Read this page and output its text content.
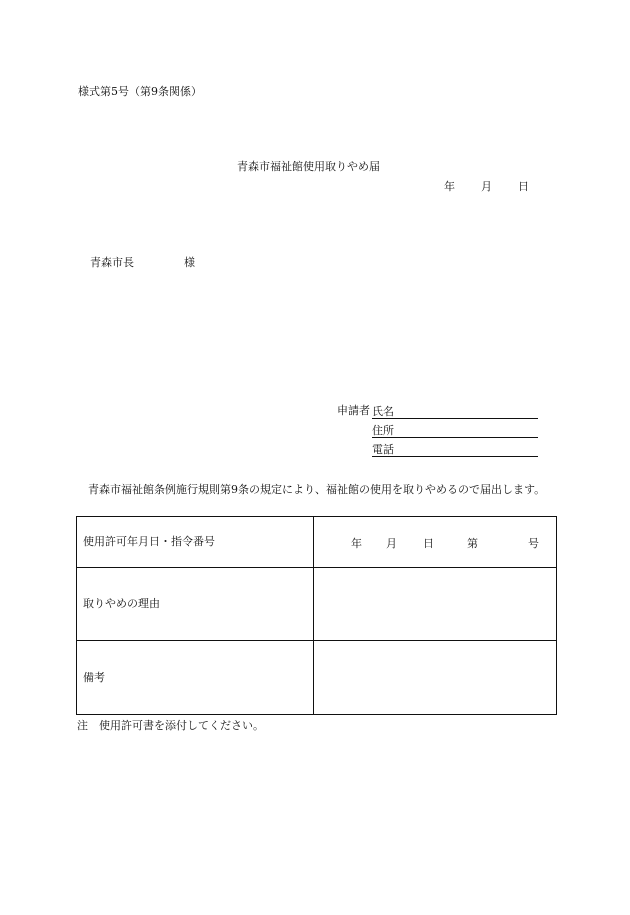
様式第5号（第9条関係）
青森市福祉館使用取りやめ届
年 月 日
青森市長	様
申請者 氏名
住所
電話
青森市福祉館条例施行規則第9条の規定により、福祉館の使用を取りやめるので届出します。
使用許可年月日・指令番号	年 月 日 第 号

取りやめの理由	
備考	
注　使用許可書を添付してください。
